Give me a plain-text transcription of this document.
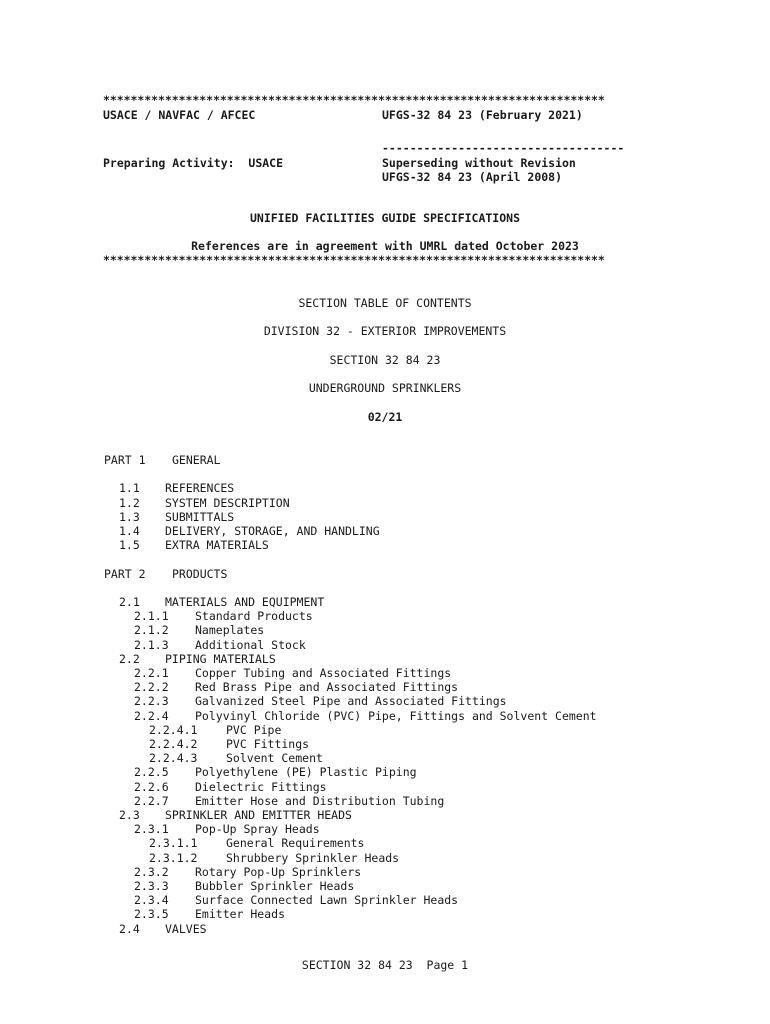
*************************************************************************
USACE / NAVFAC / AFCEC	UFGS-32 84 23 (February 2021)
-----------------------------------
Preparing Activity:  USACE	Superseding without Revision
UFGS-32 84 23 (April 2008)
UNIFIED FACILITIES GUIDE SPECIFICATIONS
References are in agreement with UMRL dated October 2023
*************************************************************************
SECTION TABLE OF CONTENTS
DIVISION 32 - EXTERIOR IMPROVEMENTS
SECTION 32 84 23
UNDERGROUND SPRINKLERS
02/21
PART 1 GENERAL
1.1 REFERENCES
1.2 SYSTEM DESCRIPTION
1.3 SUBMITTALS
1.4 DELIVERY, STORAGE, AND HANDLING
1.5 EXTRA MATERIALS
PART 2 PRODUCTS
2.1 MATERIALS AND EQUIPMENT
2.1.1 Standard Products
2.1.2 Nameplates
2.1.3 Additional Stock
2.2 PIPING MATERIALS
2.2.1 Copper Tubing and Associated Fittings
2.2.2 Red Brass Pipe and Associated Fittings
2.2.3 Galvanized Steel Pipe and Associated Fittings
2.2.4 Polyvinyl Chloride (PVC) Pipe, Fittings and Solvent Cement
2.2.4.1 PVC Pipe
2.2.4.2 PVC Fittings
2.2.4.3 Solvent Cement
2.2.5 Polyethylene (PE) Plastic Piping
2.2.6 Dielectric Fittings
2.2.7 Emitter Hose and Distribution Tubing
2.3 SPRINKLER AND EMITTER HEADS
2.3.1 Pop-Up Spray Heads
2.3.1.1 General Requirements
2.3.1.2 Shrubbery Sprinkler Heads
2.3.2 Rotary Pop-Up Sprinklers
2.3.3 Bubbler Sprinkler Heads
2.3.4 Surface Connected Lawn Sprinkler Heads
2.3.5 Emitter Heads
2.4 VALVES
SECTION 32 84 23  Page 1
